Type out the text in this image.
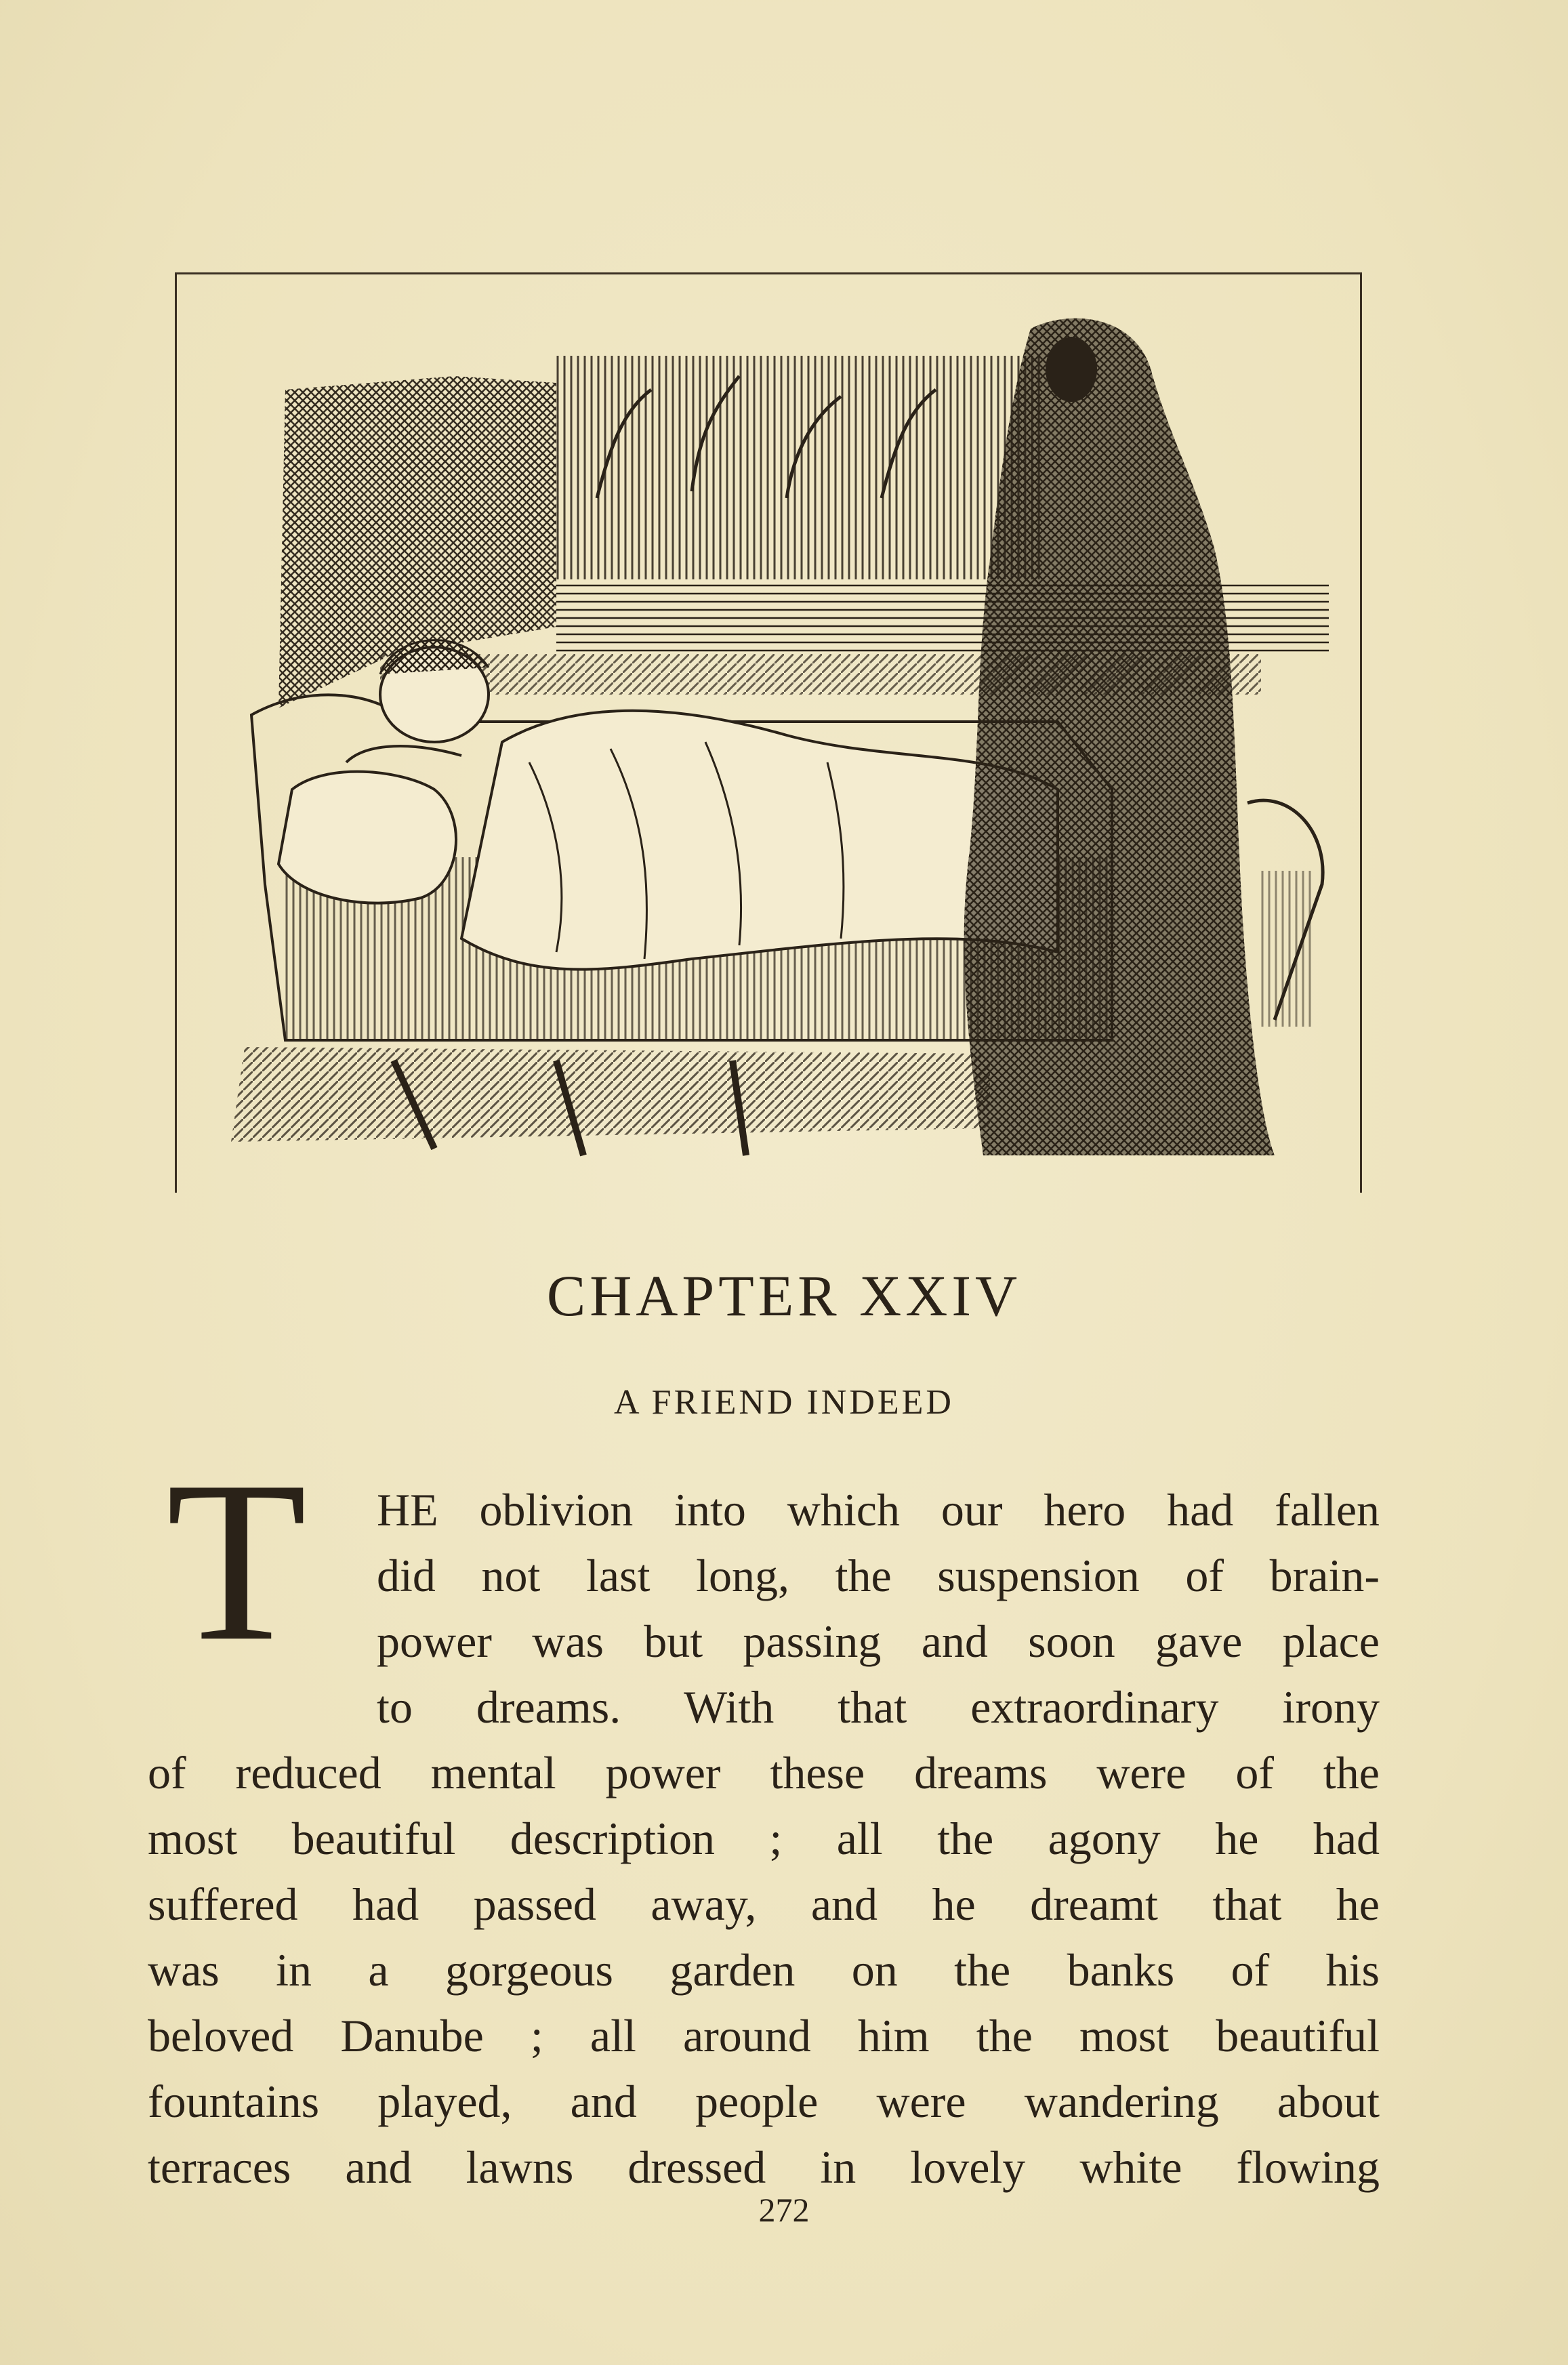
CHAPTER XXIV
A FRIEND INDEED
T HE oblivion into which our hero had fallen
did not last long, the suspension of brain-
power was but passing and soon gave place
to dreams. With that extraordinary irony
of reduced mental power these dreams were of the
most beautiful description ; all the agony he had
suffered had passed away, and he dreamt that he
was in a gorgeous garden on the banks of his
beloved Danube ; all around him the most beautiful
fountains played, and people were wandering about
terraces and lawns dressed in lovely white flowing
272
